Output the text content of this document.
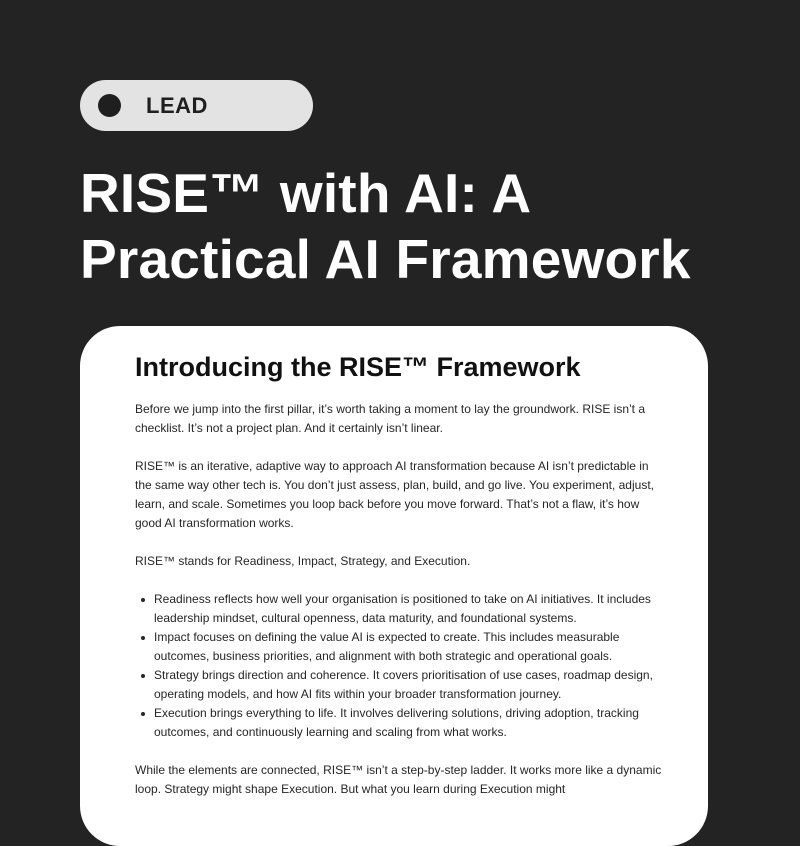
LEAD
RISE™ with AI: A Practical AI Framework
Introducing the RISE™ Framework

Before we jump into the first pillar, it’s worth taking a moment to lay the groundwork. RISE isn’t a checklist. It’s not a project plan. And it certainly isn’t linear.

RISE™ is an iterative, adaptive way to approach AI transformation because AI isn’t predictable in the same way other tech is. You don’t just assess, plan, build, and go live. You experiment, adjust, learn, and scale. Sometimes you loop back before you move forward. That’s not a flaw, it’s how good AI transformation works.

RISE™ stands for Readiness, Impact, Strategy, and Execution.

Readiness reflects how well your organisation is positioned to take on AI initiatives. It includes leadership mindset, cultural openness, data maturity, and foundational systems.
Impact focuses on defining the value AI is expected to create. This includes measurable outcomes, business priorities, and alignment with both strategic and operational goals.
Strategy brings direction and coherence. It covers prioritisation of use cases, roadmap design, operating models, and how AI fits within your broader transformation journey.
Execution brings everything to life. It involves delivering solutions, driving adoption, tracking outcomes, and continuously learning and scaling from what works.

While the elements are connected, RISE™ isn’t a step-by-step ladder. It works more like a dynamic loop. Strategy might shape Execution. But what you learn during Execution might
